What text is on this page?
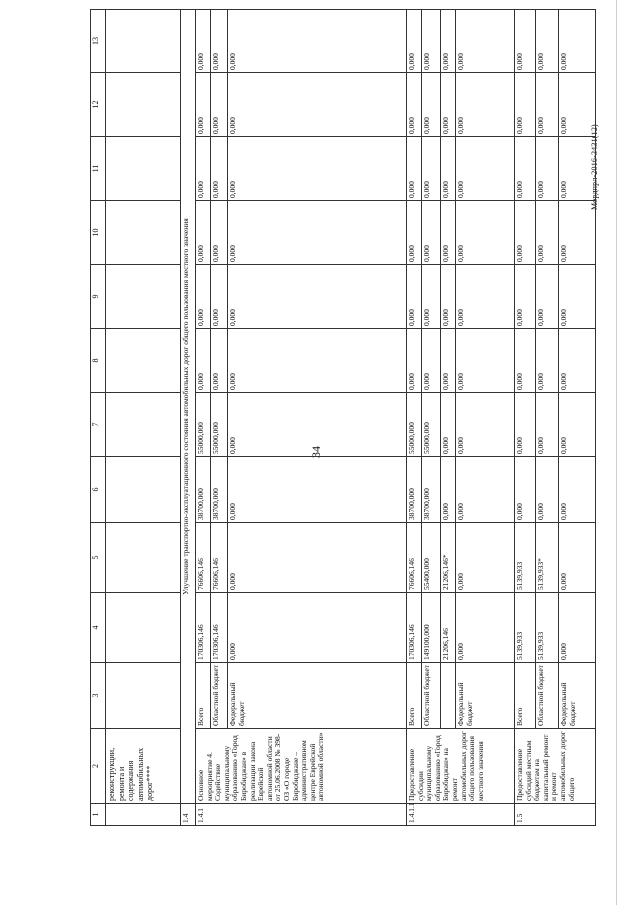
34
Мордпрл-2016-3431(12)
1	2	3	4	5	6	7	8	9	10	11	12	13
	реконструкции, ремонта и содержания автомобильных дорог****											
1.4	Улучшение транспортно-эксплуатационного состояния автомобильных дорог общего пользования местного значения											
1.4.1	Основное мероприятие 4. Содействие муниципальному образованию «Город Биробиджан» в реализации закона Еврейской автономной области от 25.06.2008 № 398-ОЗ «О городе Биробиджане – административном центре Еврейской автономной области»	Всего	170306,146	76606,146	38700,000	55000,000	0,000	0,000	0,000	0,000	0,000	0,000
		Областной бюджет	170306,146	76606,146	38700,000	55000,000	0,000	0,000	0,000	0,000	0,000	0,000
		Федеральный бюджет	0,000	0,000	0,000	0,000	0,000	0,000	0,000	0,000	0,000	0,000
1.4.1.1	Предоставление субсидии муниципальному образованию «Город Биробиджан» на ремонт автомобильных дорог общего пользования местного значения	Всего	170306,146	76606,146	38700,000	55000,000	0,000	0,000	0,000	0,000	0,000	0,000
		Областной бюджет	149100,000	55400,000	38700,000	55000,000	0,000	0,000	0,000	0,000	0,000	0,000
			21206,146	21206,146*	0,000	0,000	0,000	0,000	0,000	0,000	0,000	0,000
		Федеральный бюджет	0,000	0,000	0,000	0,000	0,000	0,000	0,000	0,000	0,000	0,000
1.5	Предоставление субсидий местным бюджетам на капитальный ремонт и ремонт автомобильных дорог общего	Всего	5139,933	5139,933	0,000	0,000	0,000	0,000	0,000	0,000	0,000	0,000
		Областной бюджет	5139,933	5139,933*	0,000	0,000	0,000	0,000	0,000	0,000	0,000	0,000
		Федеральный бюджет	0,000	0,000	0,000	0,000	0,000	0,000	0,000	0,000	0,000	0,000
